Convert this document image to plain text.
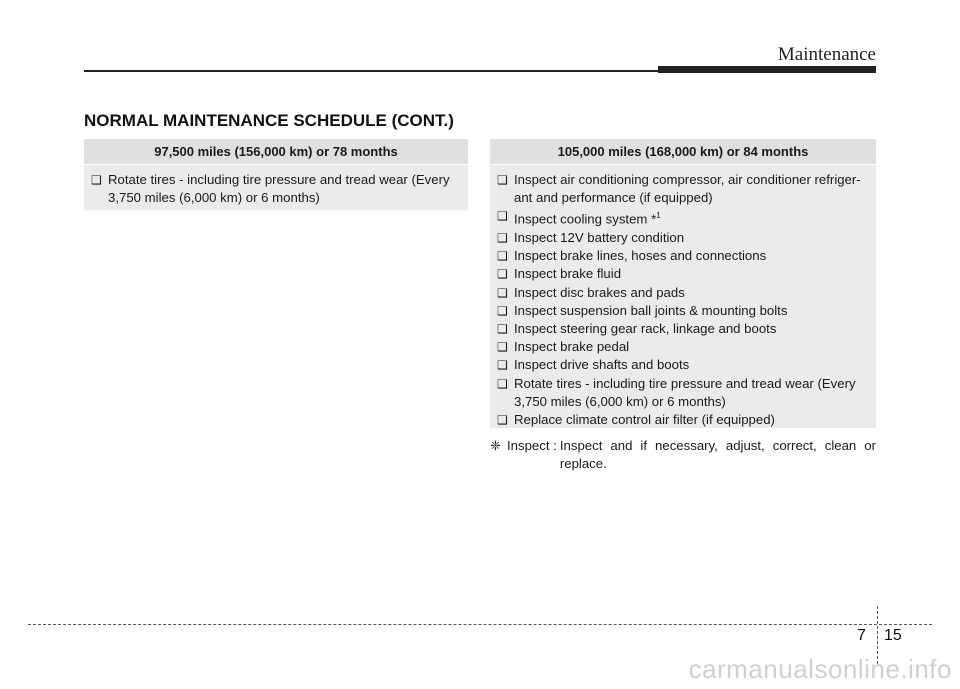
Maintenance
NORMAL MAINTENANCE SCHEDULE (CONT.)
97,500 miles (156,000 km) or 78 months
❑ Rotate tires - including tire pressure and tread wear (Every 3,750 miles (6,000 km) or 6 months)
105,000 miles (168,000 km) or 84 months
❑ Inspect air conditioning compressor, air conditioner refriger- ant and performance (if equipped)
❑ Inspect cooling system *$^1$
❑ Inspect 12V battery condition
❑ Inspect brake lines, hoses and connections
❑ Inspect brake fluid
❑ Inspect disc brakes and pads
❑ Inspect suspension ball joints & mounting bolts
❑ Inspect steering gear rack, linkage and boots
❑ Inspect brake pedal
❑ Inspect drive shafts and boots
❑ Rotate tires - including tire pressure and tread wear (Every 3,750 miles (6,000 km) or 6 months)
❑ Replace climate control air filter (if equipped)
❈ Inspect : Inspect and if necessary, adjust, correct, clean or replace.
7 15
carmanualsonline.info
